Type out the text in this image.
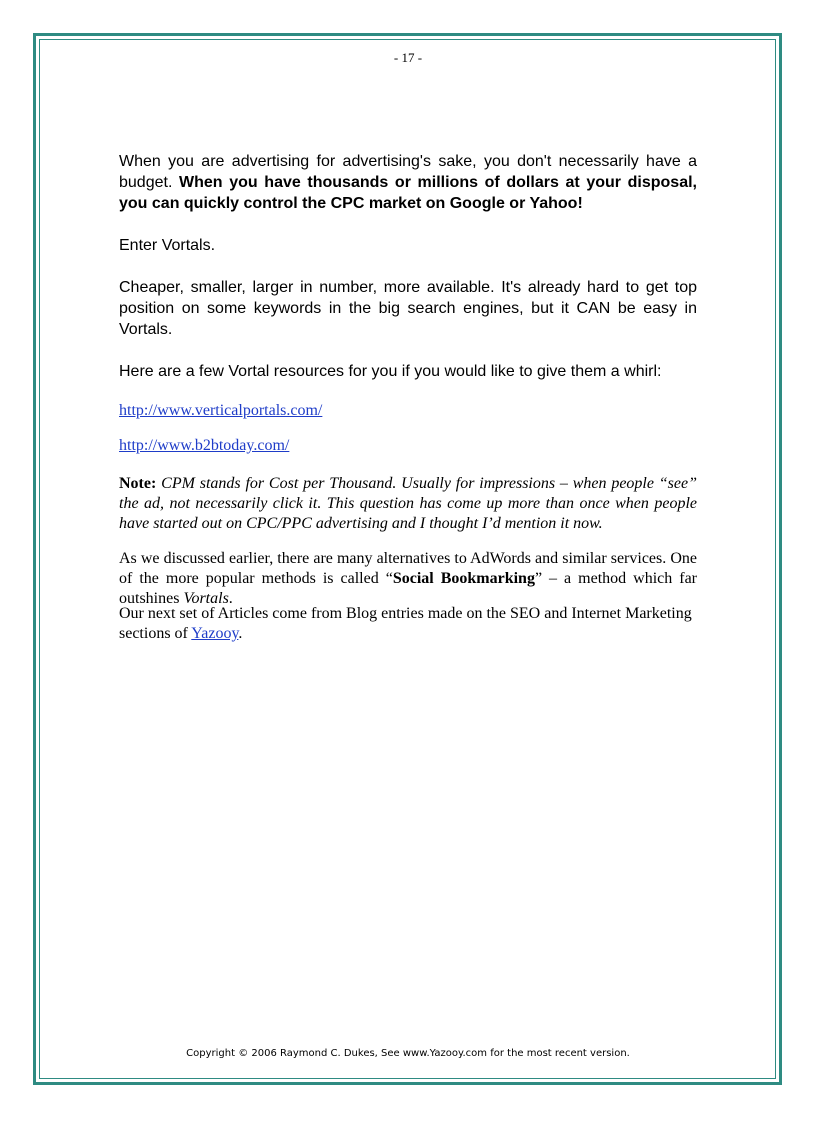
- 17 -

When you are advertising for advertising's sake, you don't necessarily have a budget. When you have thousands or millions of dollars at your disposal, you can quickly control the CPC market on Google or Yahoo!

Enter Vortals.

Cheaper, smaller, larger in number, more available. It's already hard to get top position on some keywords in the big search engines, but it CAN be easy in Vortals.

Here are a few Vortal resources for you if you would like to give them a whirl:

http://www.verticalportals.com/

http://www.b2btoday.com/

Note: CPM stands for Cost per Thousand. Usually for impressions – when people “see” the ad, not necessarily click it. This question has come up more than once when people have started out on CPC/PPC advertising and I thought I’d mention it now.

As we discussed earlier, there are many alternatives to AdWords and similar services. One of the more popular methods is called “Social Bookmarking” – a method which far outshines Vortals.

Our next set of Articles come from Blog entries made on the SEO and Internet Marketing sections of Yazooy.

Copyright © 2006 Raymond C. Dukes, See www.Yazooy.com for the most recent version.
